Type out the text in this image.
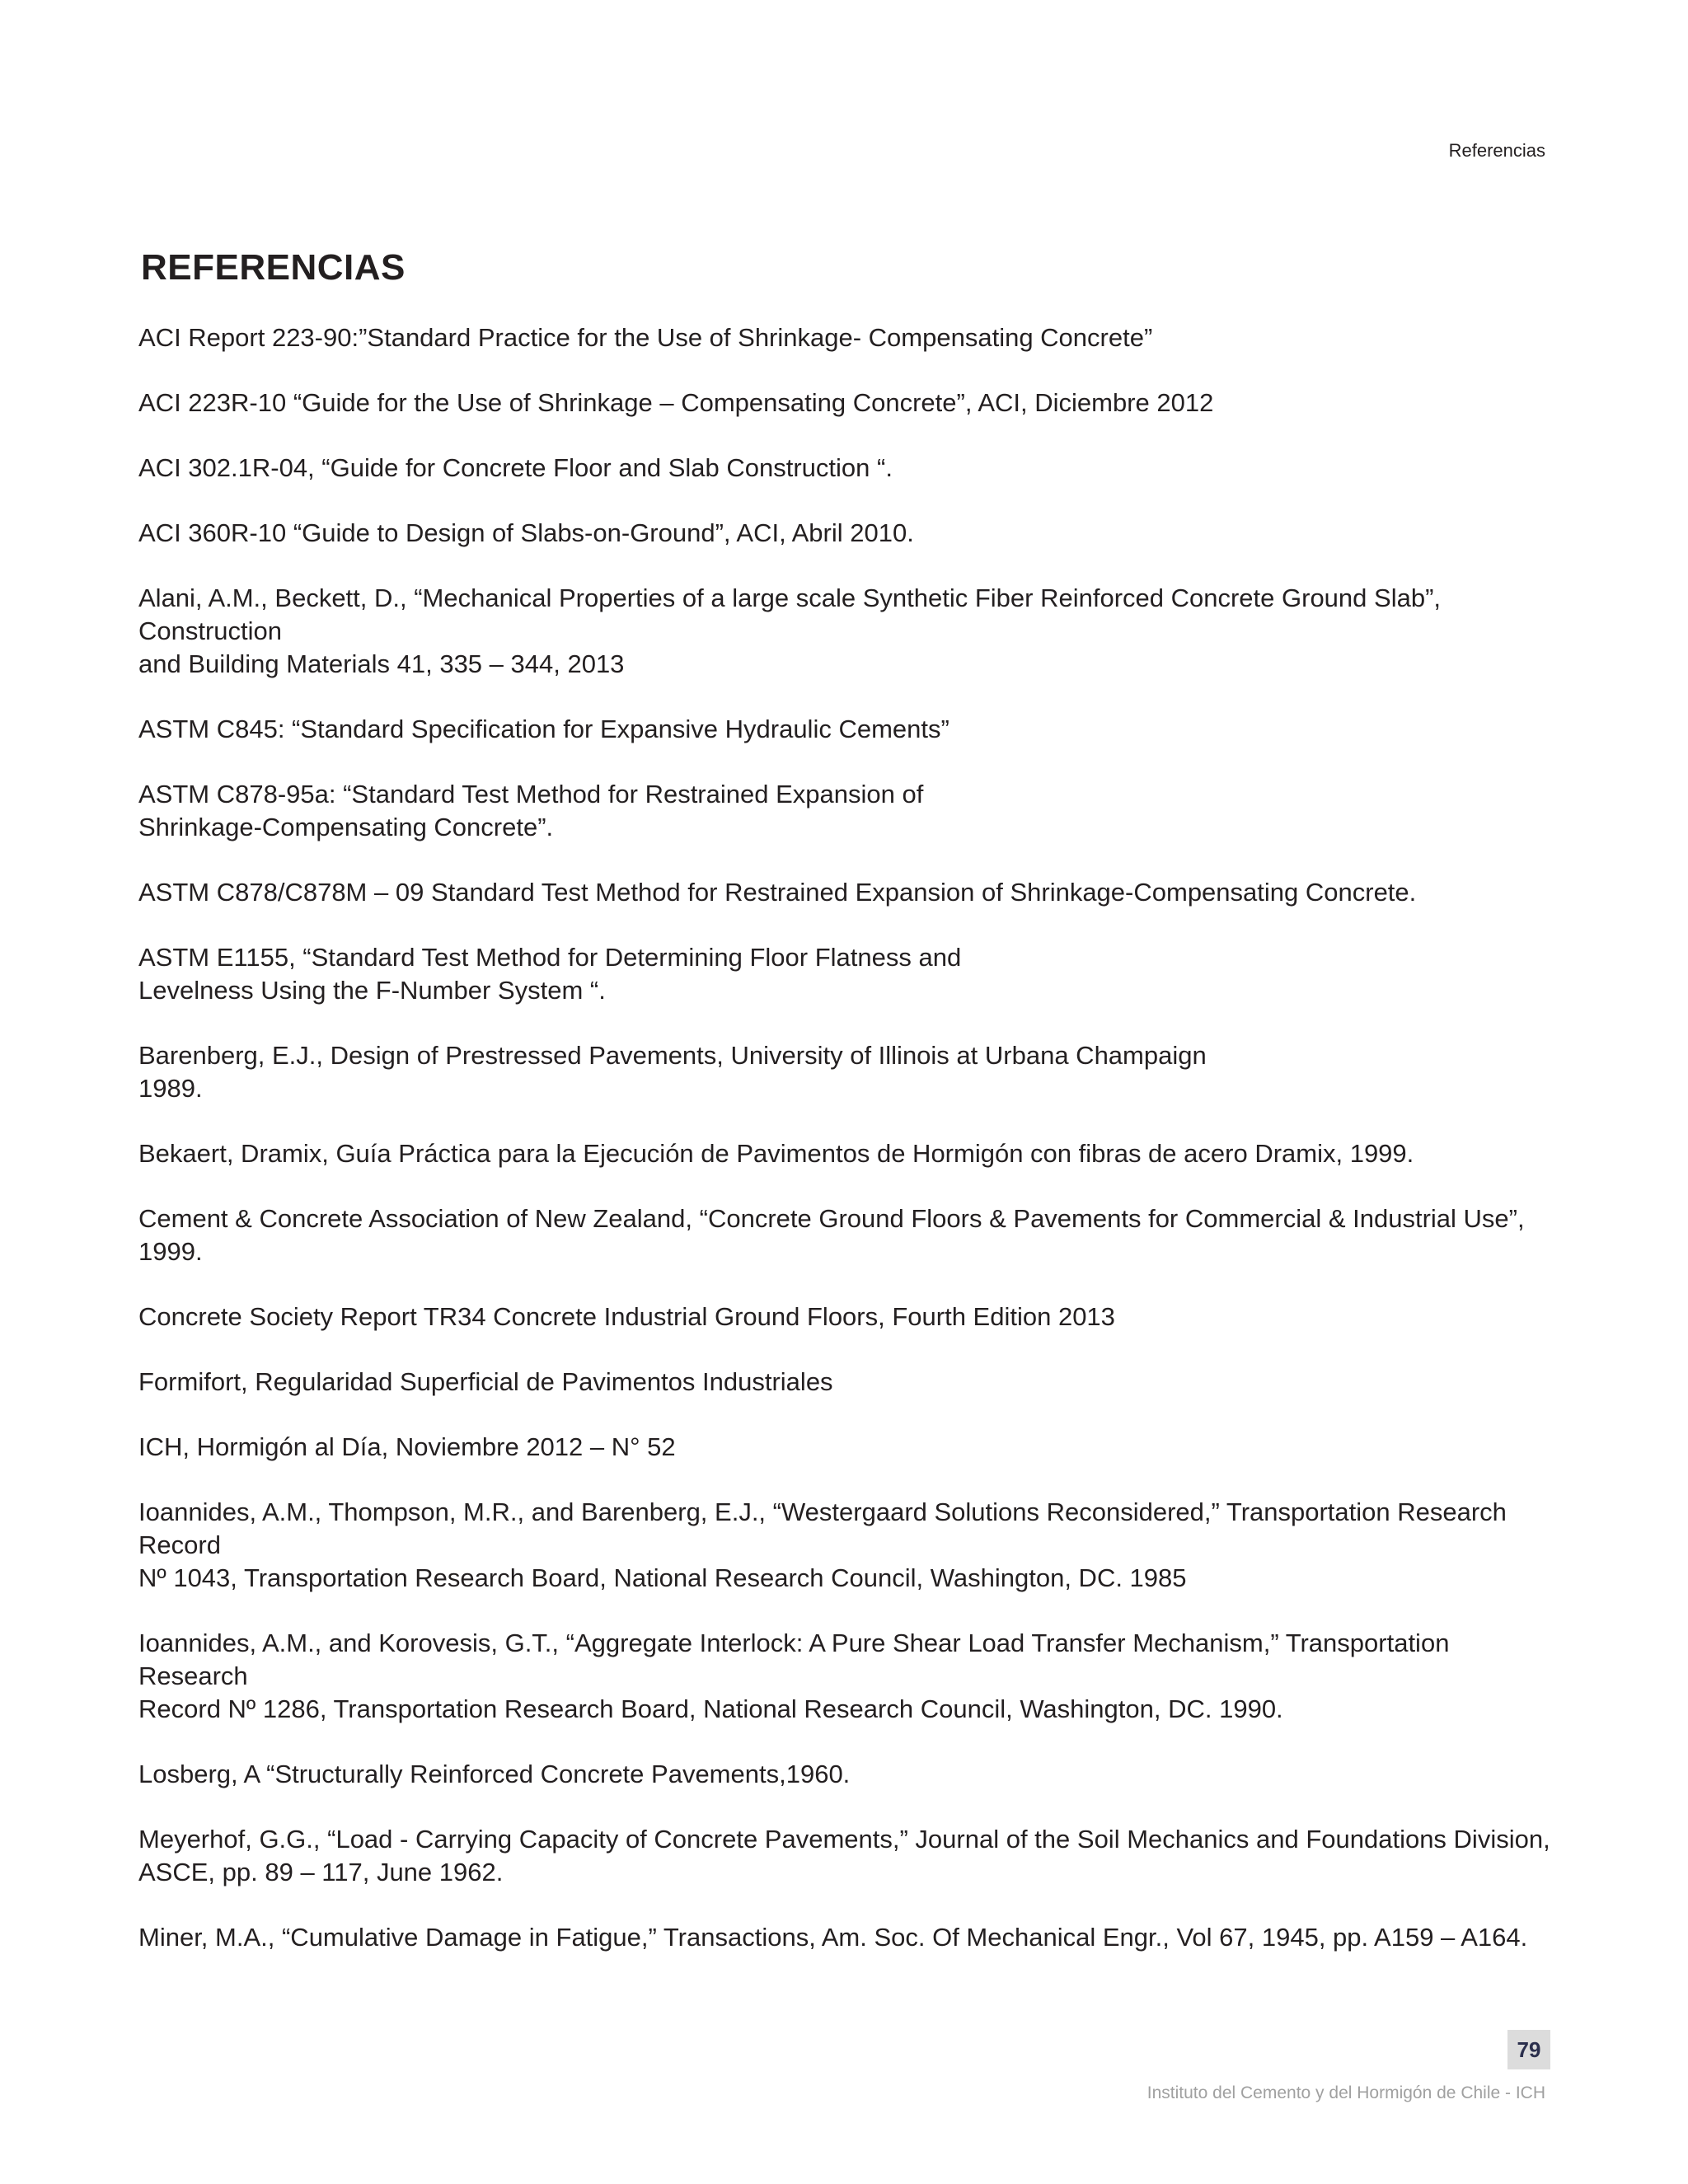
Referencias
REFERENCIAS
ACI Report 223-90:”Standard Practice for the Use of Shrinkage- Compensating Concrete”
ACI 223R-10 “Guide for the Use of Shrinkage – Compensating Concrete”, ACI, Diciembre 2012
ACI 302.1R-04, “Guide for Concrete Floor and Slab Construction “.
ACI 360R-10 “Guide to Design of Slabs-on-Ground”, ACI, Abril 2010.
Alani, A.M., Beckett, D., “Mechanical Properties of a large scale Synthetic Fiber Reinforced Concrete Ground Slab”, Construction
and Building Materials 41, 335 – 344, 2013
ASTM C845: “Standard Specification for Expansive Hydraulic Cements”
ASTM C878-95a: “Standard Test Method for Restrained Expansion of
Shrinkage-Compensating Concrete”.
ASTM C878/C878M – 09 Standard Test Method for Restrained Expansion of Shrinkage-Compensating Concrete.
ASTM E1155, “Standard Test Method for Determining Floor Flatness and
Levelness Using the F-Number System “.
Barenberg, E.J., Design of Prestressed Pavements, University of Illinois at Urbana Champaign
1989.
Bekaert, Dramix, Guía Práctica para la Ejecución de Pavimentos de Hormigón con fibras de acero Dramix, 1999.
Cement & Concrete Association of New Zealand, “Concrete Ground Floors & Pavements for Commercial & Industrial Use”,
1999.
Concrete Society Report TR34 Concrete Industrial Ground Floors, Fourth Edition 2013
Formifort, Regularidad Superficial de Pavimentos Industriales
ICH, Hormigón al Día, Noviembre 2012 – N° 52
Ioannides, A.M., Thompson, M.R., and Barenberg, E.J., “Westergaard Solutions Reconsidered,” Transportation Research Record
Nº 1043, Transportation Research Board, National Research Council, Washington, DC. 1985
Ioannides, A.M., and Korovesis, G.T., “Aggregate Interlock: A Pure Shear Load Transfer Mechanism,” Transportation Research
Record Nº 1286, Transportation Research Board, National Research Council, Washington, DC. 1990.
Losberg, A “Structurally Reinforced Concrete Pavements,1960.
Meyerhof, G.G., “Load - Carrying Capacity of Concrete Pavements,” Journal of the Soil Mechanics and Foundations Division,
ASCE, pp. 89 – 117, June 1962.
Miner, M.A., “Cumulative Damage in Fatigue,” Transactions, Am. Soc. Of Mechanical Engr., Vol 67, 1945, pp. A159 – A164.
79
Instituto del Cemento y del Hormigón de Chile - ICH
